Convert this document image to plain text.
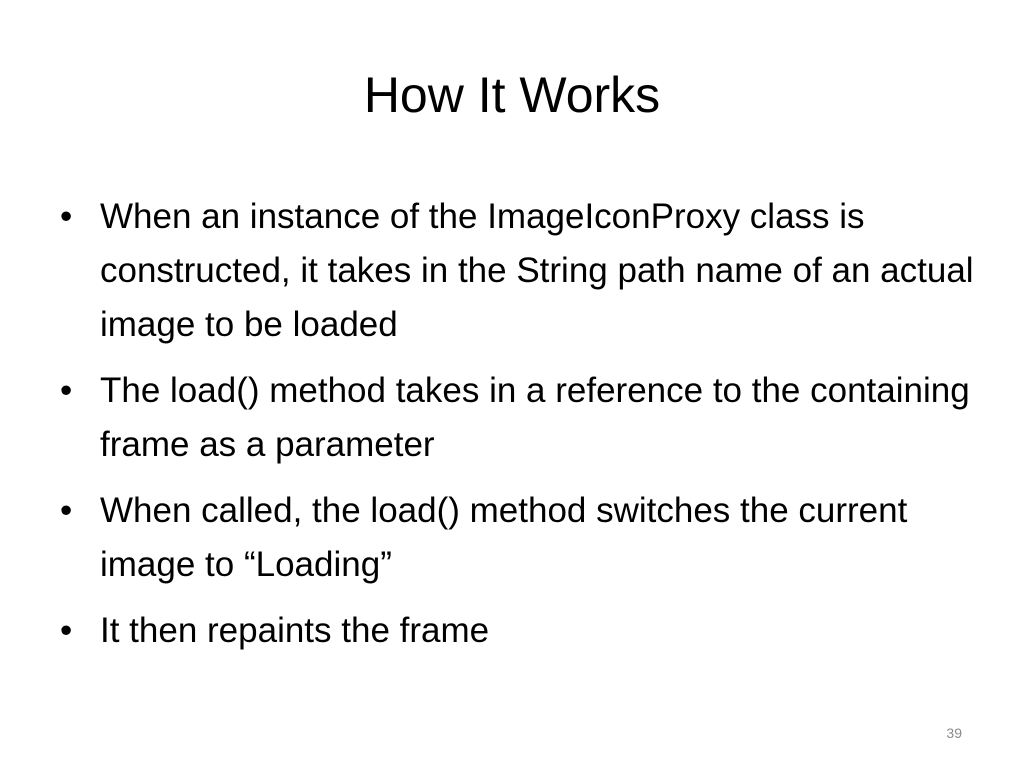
How It Works
• When an instance of the ImageIconProxy class is constructed, it takes in the String path name of an actual image to be loaded
• The load() method takes in a reference to the containing frame as a parameter
• When called, the load() method switches the current image to “Loading”
• It then repaints the frame
39
